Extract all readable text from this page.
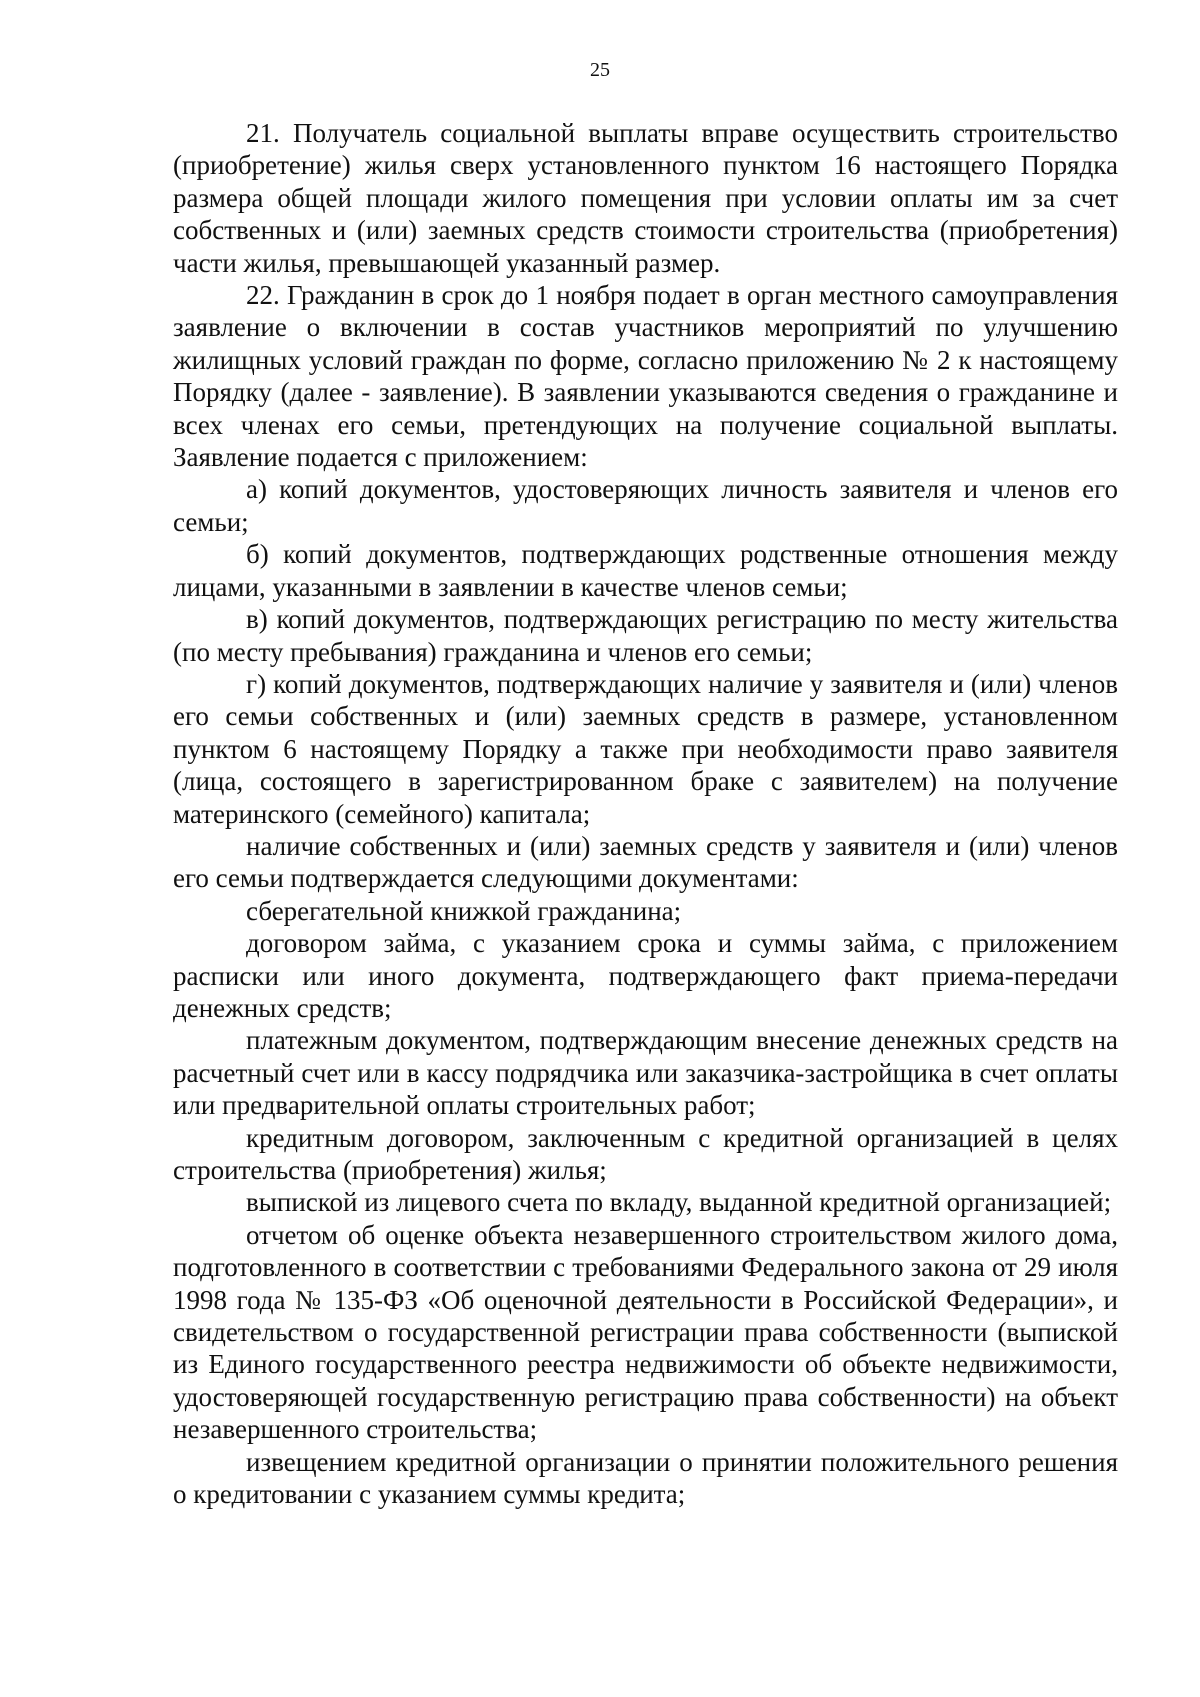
25

21. Получатель социальной выплаты вправе осуществить строительство (приобретение) жилья сверх установленного пунктом 16 настоящего Порядка размера общей площади жилого помещения при условии оплаты им за счет собственных и (или) заемных средств стоимости строительства (приобретения) части жилья, превышающей указанный размер.

22. Гражданин в срок до 1 ноября подает в орган местного самоуправления заявление о включении в состав участников мероприятий по улучшению жилищных условий граждан по форме, согласно приложению № 2 к настоящему Порядку (далее - заявление). В заявлении указываются сведения о гражданине и всех членах его семьи, претендующих на получение социальной выплаты. Заявление подается с приложением:

а) копий документов, удостоверяющих личность заявителя и членов его семьи;

б) копий документов, подтверждающих родственные отношения между лицами, указанными в заявлении в качестве членов семьи;

в) копий документов, подтверждающих регистрацию по месту жительства (по месту пребывания) гражданина и членов его семьи;

г) копий документов, подтверждающих наличие у заявителя и (или) членов его семьи собственных и (или) заемных средств в размере, установленном пунктом 6 настоящему Порядку а также при необходимости право заявителя (лица, состоящего в зарегистрированном браке с заявителем) на получение материнского (семейного) капитала;

наличие собственных и (или) заемных средств у заявителя и (или) членов его семьи подтверждается следующими документами:

сберегательной книжкой гражданина;

договором займа, с указанием срока и суммы займа, с приложением расписки или иного документа, подтверждающего факт приема-передачи денежных средств;

платежным документом, подтверждающим внесение денежных средств на расчетный счет или в кассу подрядчика или заказчика-застройщика в счет оплаты или предварительной оплаты строительных работ;

кредитным договором, заключенным с кредитной организацией в целях строительства (приобретения) жилья;

выпиской из лицевого счета по вкладу, выданной кредитной организацией;

отчетом об оценке объекта незавершенного строительством жилого дома, подготовленного в соответствии с требованиями Федерального закона от 29 июля 1998 года № 135-ФЗ «Об оценочной деятельности в Российской Федерации», и свидетельством о государственной регистрации права собственности (выпиской из Единого государственного реестра недвижимости об объекте недвижимости, удостоверяющей государственную регистрацию права собственности) на объект незавершенного строительства;

извещением кредитной организации о принятии положительного решения о кредитовании с указанием суммы кредита;
